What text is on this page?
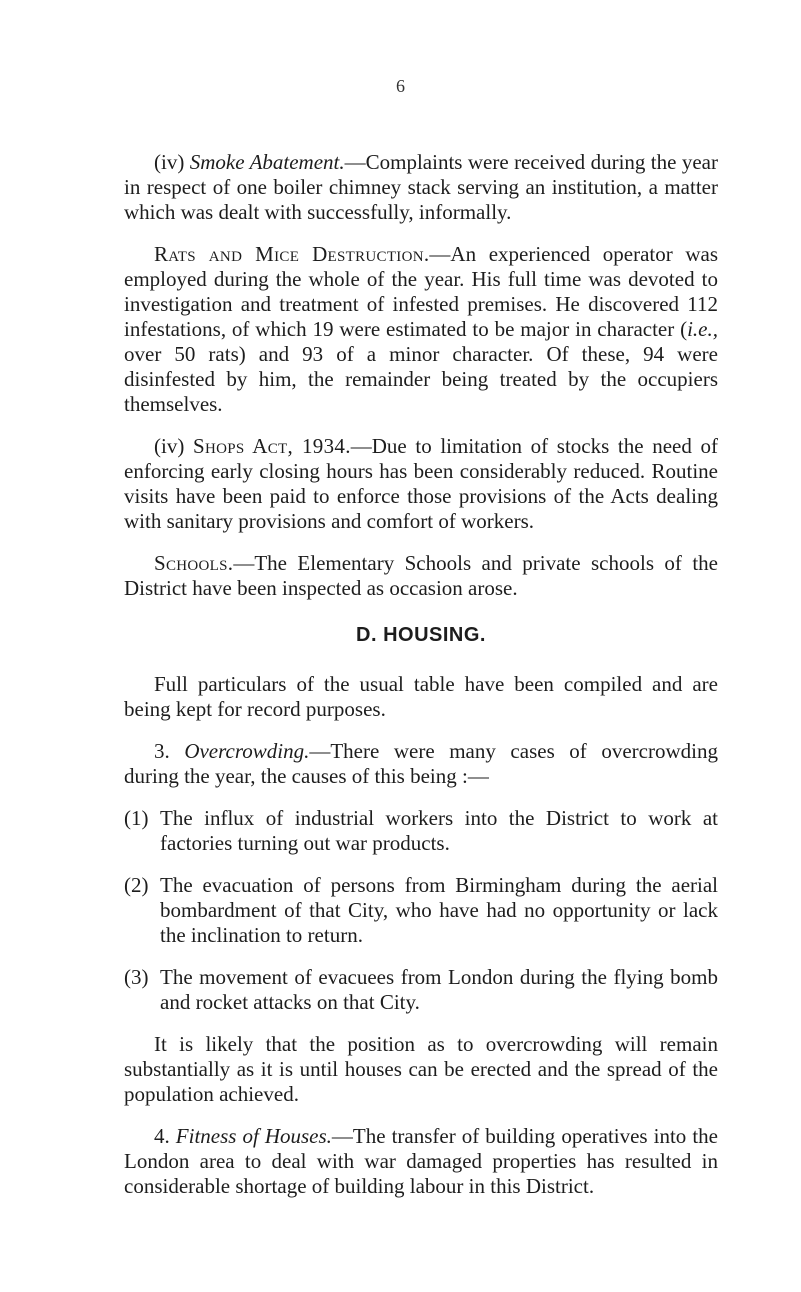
6

(iv) Smoke Abatement.—Complaints were received during the year in respect of one boiler chimney stack serving an institution, a matter which was dealt with successfully, informally.

Rats and Mice Destruction.—An experienced operator was employed during the whole of the year. His full time was devoted to investigation and treatment of infested premises. He discovered 112 infestations, of which 19 were estimated to be major in character (i.e., over 50 rats) and 93 of a minor character. Of these, 94 were disinfested by him, the remainder being treated by the occupiers themselves.

(iv) Shops Act, 1934.—Due to limitation of stocks the need of enforcing early closing hours has been considerably reduced. Routine visits have been paid to enforce those provisions of the Acts dealing with sanitary provisions and comfort of workers.

Schools.—The Elementary Schools and private schools of the District have been inspected as occasion arose.

D. HOUSING.

Full particulars of the usual table have been compiled and are being kept for record purposes.

3. Overcrowding.—There were many cases of overcrowding during the year, the causes of this being :—

(1) The influx of industrial workers into the District to work at factories turning out war products.
(2) The evacuation of persons from Birmingham during the aerial bombardment of that City, who have had no opportunity or lack the inclination to return.
(3) The movement of evacuees from London during the flying bomb and rocket attacks on that City.

It is likely that the position as to overcrowding will remain substantially as it is until houses can be erected and the spread of the population achieved.

4. Fitness of Houses.—The transfer of building operatives into the London area to deal with war damaged properties has resulted in considerable shortage of building labour in this District.
